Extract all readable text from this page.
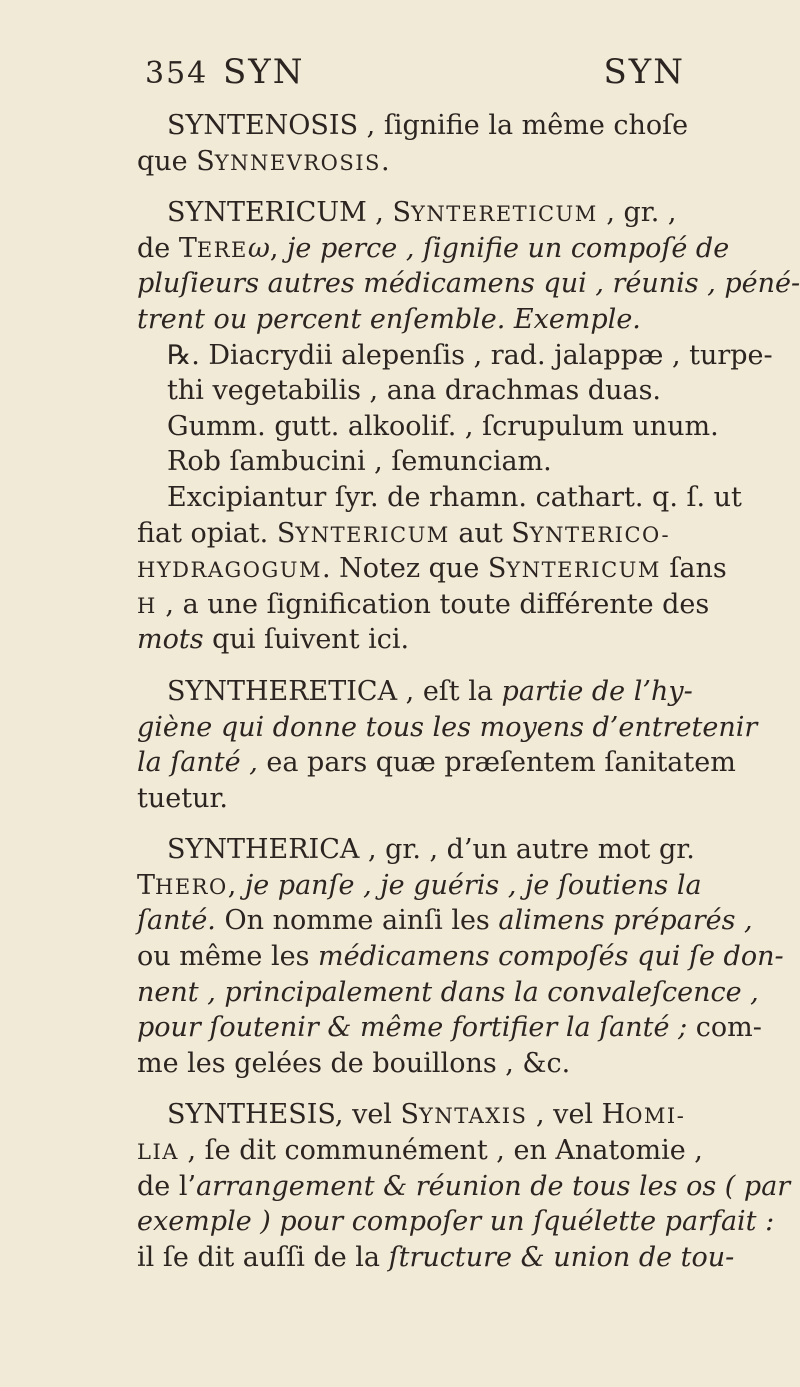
354 SYN	SYN
SYNTENOSIS , ſignifie la même choſe
que SYNNEVROSIS.
SYNTERICUM , SYNTERETICUM , gr. ,
de TEREω, je perce , ſignifie un compoſé de
pluſieurs autres médicamens qui , réunis , péné-
trent ou percent enſemble. Exemple.
℞. Diacrydii alepenſis , rad. jalappæ , turpe-
thi vegetabilis , ana drachmas duas.
Gumm. gutt. alkoolif. , ſcrupulum unum.
Rob ſambucini , ſemunciam.
Excipiantur ſyr. de rhamn. cathart. q. ſ. ut
fiat opiat. SYNTERICUM aut SYNTERICO-
HYDRAGOGUM. Notez que SYNTERICUM ſans
H , a une ſignification toute différente des
mots qui ſuivent ici.
SYNTHERETICA , eſt la partie de l’hy-
giène qui donne tous les moyens d’entretenir
la ſanté , ea pars quæ præſentem ſanitatem
tuetur.
SYNTHERICA , gr. , d’un autre mot gr.
THERO, je panſe , je guéris , je ſoutiens la
ſanté. On nomme ainſi les alimens préparés ,
ou même les médicamens compoſés qui ſe don-
nent , principalement dans la convaleſcence ,
pour ſoutenir & même fortifier la ſanté ; com-
me les gelées de bouillons , &c.
SYNTHESIS, vel SYNTAXIS , vel HOMI-
LIA , ſe dit communément , en Anatomie ,
de l’arrangement & réunion de tous les os ( par
exemple ) pour compoſer un ſquélette parfait :
il ſe dit auſſi de la ſtructure & union de tou-
